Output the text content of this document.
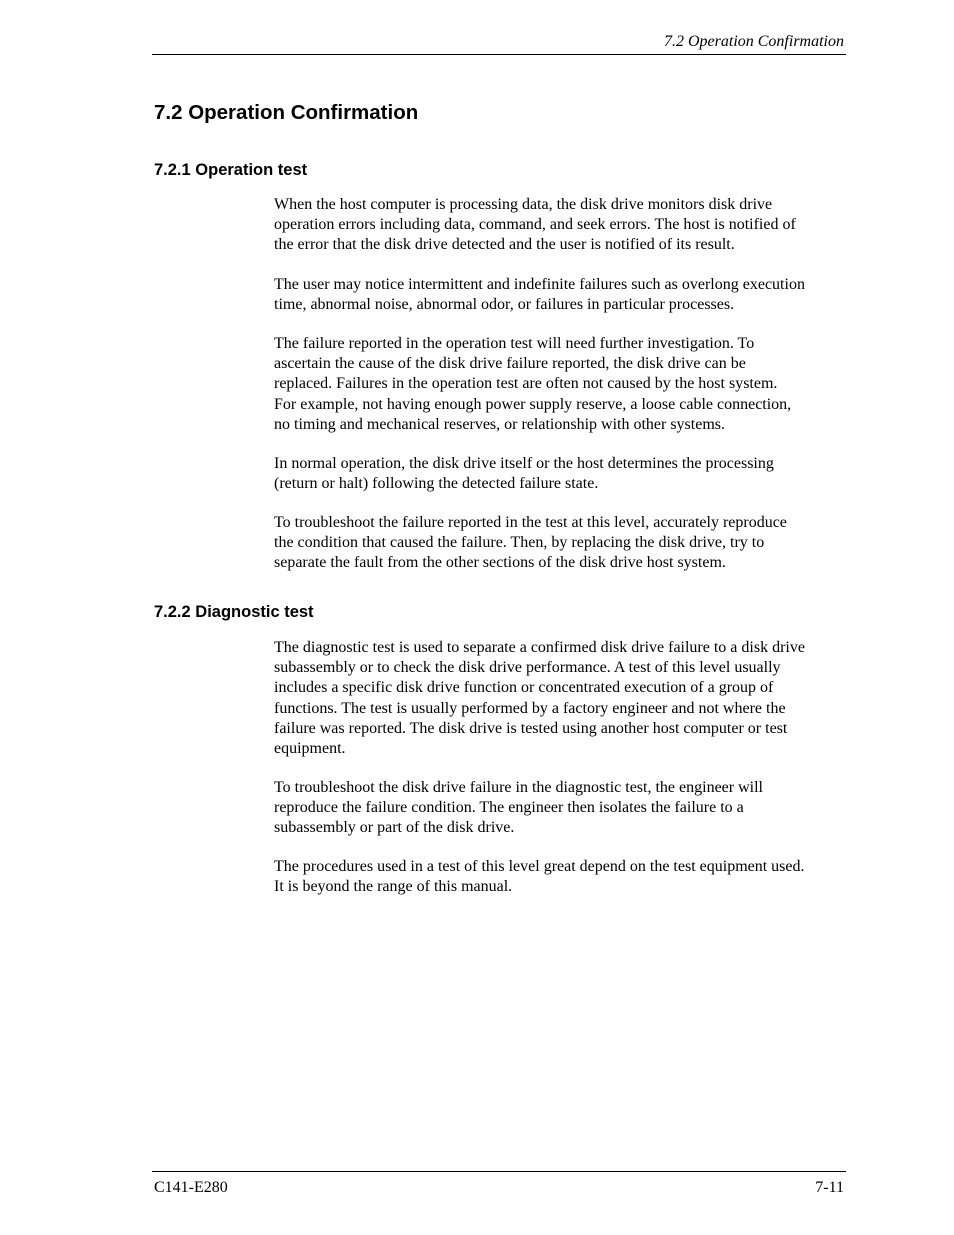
7.2 Operation Confirmation
7.2 Operation Confirmation
7.2.1 Operation test

When the host computer is processing data, the disk drive monitors disk drive
operation errors including data, command, and seek errors. The host is notified of
the error that the disk drive detected and the user is notified of its result.

The user may notice intermittent and indefinite failures such as overlong execution
time, abnormal noise, abnormal odor, or failures in particular processes.

The failure reported in the operation test will need further investigation. To
ascertain the cause of the disk drive failure reported, the disk drive can be
replaced. Failures in the operation test are often not caused by the host system.
For example, not having enough power supply reserve, a loose cable connection,
no timing and mechanical reserves, or relationship with other systems.

In normal operation, the disk drive itself or the host determines the processing
(return or halt) following the detected failure state.

To troubleshoot the failure reported in the test at this level, accurately reproduce
the condition that caused the failure. Then, by replacing the disk drive, try to
separate the fault from the other sections of the disk drive host system.

7.2.2 Diagnostic test

The diagnostic test is used to separate a confirmed disk drive failure to a disk drive
subassembly or to check the disk drive performance. A test of this level usually
includes a specific disk drive function or concentrated execution of a group of
functions. The test is usually performed by a factory engineer and not where the
failure was reported. The disk drive is tested using another host computer or test
equipment.

To troubleshoot the disk drive failure in the diagnostic test, the engineer will
reproduce the failure condition. The engineer then isolates the failure to a
subassembly or part of the disk drive.

The procedures used in a test of this level great depend on the test equipment used.
It is beyond the range of this manual.

C141-E280	7-11
